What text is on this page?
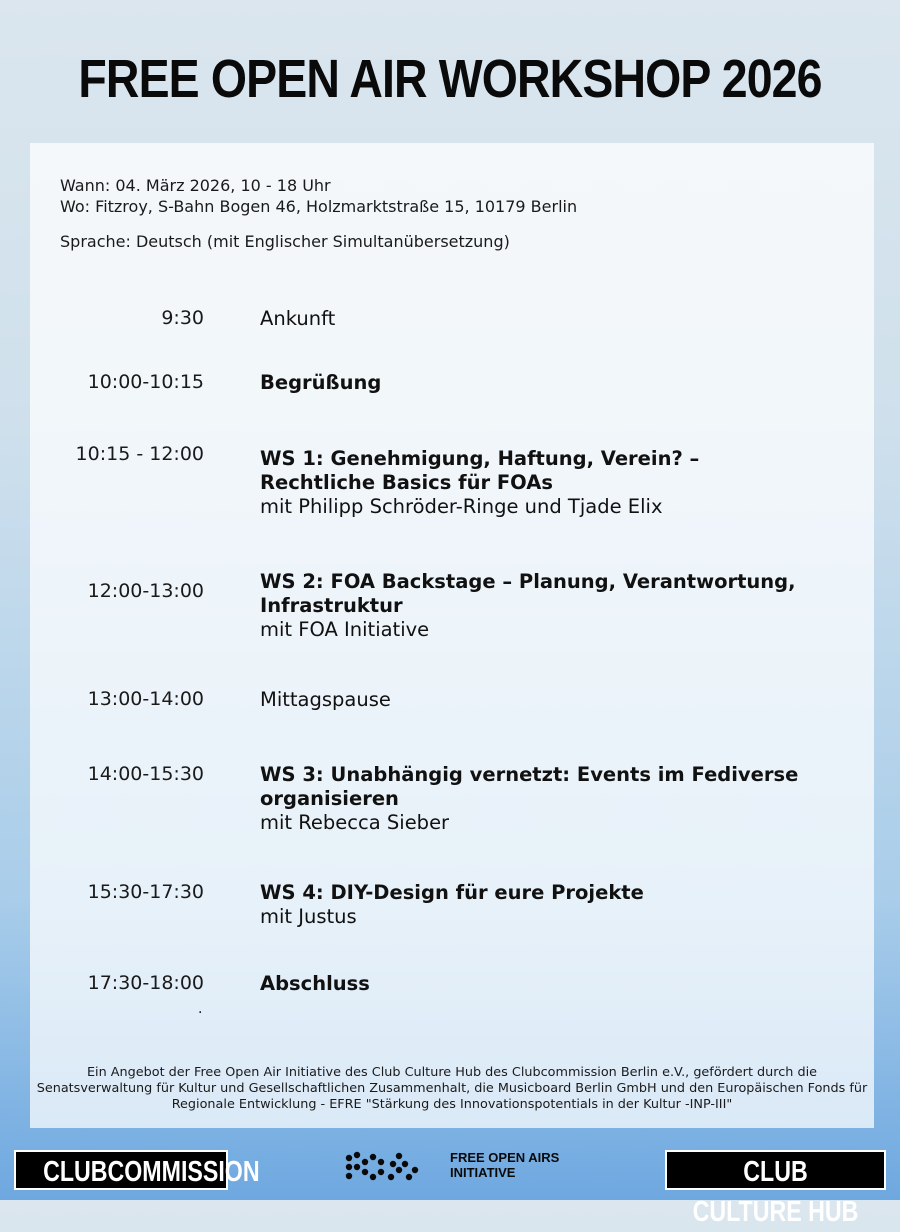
FREE OPEN AIR WORKSHOP 2026
Wann: 04. März 2026, 10 - 18 Uhr
Wo: Fitzroy, S-Bahn Bogen 46, Holzmarktstraße 15, 10179 Berlin
Sprache: Deutsch (mit Englischer Simultanübersetzung)
9:30	Ankunft
10:00-10:15	Begrüßung
10:15 - 12:00	WS 1: Genehmigung, Haftung, Verein? – Rechtliche Basics für FOAs
mit Philipp Schröder-Ringe und Tjade Elix
12:00-13:00	WS 2: FOA Backstage – Planung, Verantwortung, Infrastruktur
mit FOA Initiative
13:00-14:00	Mittagspause
14:00-15:30	WS 3: Unabhängig vernetzt: Events im Fediverse organisieren
mit Rebecca Sieber
15:30-17:30	WS 4: DIY-Design für eure Projekte
mit Justus
17:30-18:00	Abschluss
.
Ein Angebot der Free Open Air Initiative des Club Culture Hub des Clubcommission Berlin e.V., gefördert durch die Senatsverwaltung für Kultur und Gesellschaftlichen Zusammenhalt, die Musicboard Berlin GmbH und den Europäischen Fonds für Regionale Entwicklung - EFRE "Stärkung des Innovationspotentials in der Kultur -INP-III"
CLUBCOMMISSION	FREE OPEN AIRS
INITIATIVE	CLUB CULTURE HUB
